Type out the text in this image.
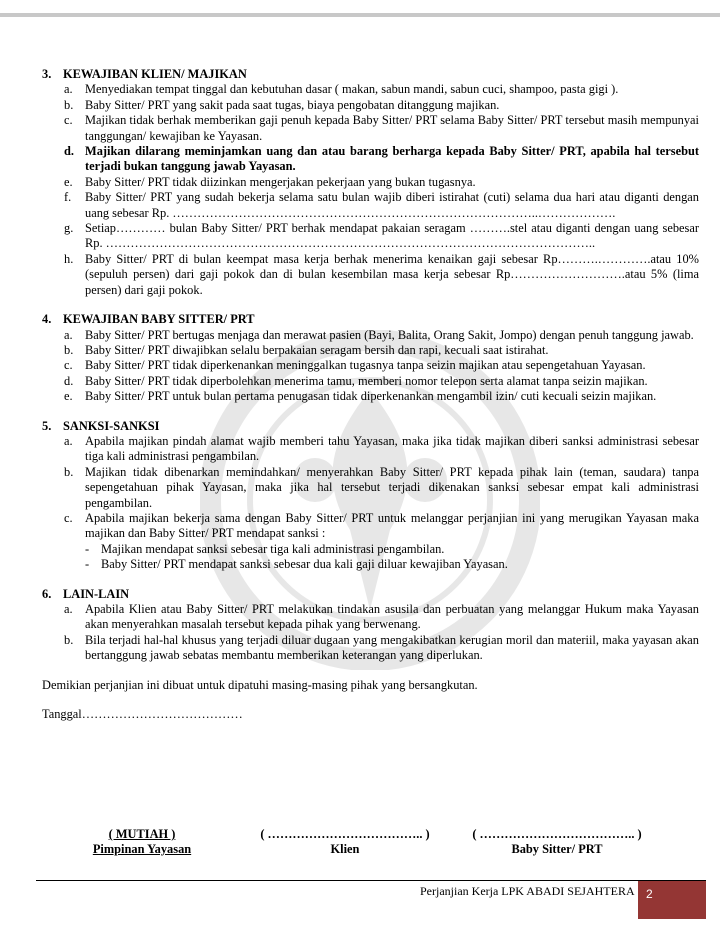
3. KEWAJIBAN KLIEN/ MAJIKAN
a. Menyediakan tempat tinggal dan kebutuhan dasar ( makan, sabun mandi, sabun cuci, shampoo, pasta gigi ).
b. Baby Sitter/ PRT yang sakit pada saat tugas, biaya pengobatan ditanggung majikan.
c. Majikan tidak berhak memberikan gaji penuh kepada Baby Sitter/ PRT selama Baby Sitter/ PRT tersebut masih mempunyai tanggungan/ kewajiban ke Yayasan.
d. Majikan dilarang meminjamkan uang dan atau barang berharga kepada Baby Sitter/ PRT, apabila hal tersebut terjadi bukan tanggung jawab Yayasan.
e. Baby Sitter/ PRT tidak diizinkan mengerjakan pekerjaan yang bukan tugasnya.
f. Baby Sitter/ PRT yang sudah bekerja selama satu bulan wajib diberi istirahat (cuti) selama dua hari atau diganti dengan uang sebesar Rp. ……………………………………………………………………………..……………….
g. Setiap………… bulan Baby Sitter/ PRT berhak mendapat pakaian seragam ……….stel atau diganti dengan uang sebesar Rp. ………………………………………………………………………………………………………..
h. Baby Sitter/ PRT di bulan keempat masa kerja berhak menerima kenaikan gaji sebesar Rp……….………….atau 10% (sepuluh persen) dari gaji pokok dan di bulan kesembilan masa kerja sebesar Rp……………………….atau 5% (lima persen) dari gaji pokok.
4. KEWAJIBAN BABY SITTER/ PRT
a. Baby Sitter/ PRT bertugas menjaga dan merawat pasien (Bayi, Balita, Orang Sakit, Jompo) dengan penuh tanggung jawab.
b. Baby Sitter/ PRT diwajibkan selalu berpakaian seragam bersih dan rapi, kecuali saat istirahat.
c. Baby Sitter/ PRT tidak diperkenankan meninggalkan tugasnya tanpa seizin majikan atau sepengetahuan Yayasan.
d. Baby Sitter/ PRT tidak diperbolehkan menerima tamu, memberi nomor telepon serta alamat tanpa seizin majikan.
e. Baby Sitter/ PRT untuk bulan pertama penugasan tidak diperkenankan mengambil izin/ cuti kecuali seizin majikan.
5. SANKSI-SANKSI
a. Apabila majikan pindah alamat wajib memberi tahu Yayasan, maka jika tidak majikan diberi sanksi administrasi sebesar tiga kali administrasi pengambilan.
b. Majikan tidak dibenarkan memindahkan/ menyerahkan Baby Sitter/ PRT kepada pihak lain (teman, saudara) tanpa sepengetahuan pihak Yayasan, maka jika hal tersebut terjadi dikenakan sanksi sebesar empat kali administrasi pengambilan.
c. Apabila majikan bekerja sama dengan Baby Sitter/ PRT untuk melanggar perjanjian ini yang merugikan Yayasan maka majikan dan Baby Sitter/ PRT mendapat sanksi :
- Majikan mendapat sanksi sebesar tiga kali administrasi pengambilan.
- Baby Sitter/ PRT mendapat sanksi sebesar dua kali gaji diluar kewajiban Yayasan.
6. LAIN-LAIN
a. Apabila Klien atau Baby Sitter/ PRT melakukan tindakan asusila dan perbuatan yang melanggar Hukum maka Yayasan akan menyerahkan masalah tersebut kepada pihak yang berwenang.
b. Bila terjadi hal-hal khusus yang terjadi diluar dugaan yang mengakibatkan kerugian moril dan materiil, maka yayasan akan bertanggung jawab sebatas membantu memberikan keterangan yang diperlukan.
Demikian perjanjian ini dibuat untuk dipatuhi masing-masing pihak yang bersangkutan.
Tanggal…………………………………
( MUTIAH )
Pimpinan Yayasan
( ……………………………….. )
Klien
( ……………………………….. )
Baby Sitter/ PRT
Perjanjian Kerja LPK ABADI SEJAHTERA 2
